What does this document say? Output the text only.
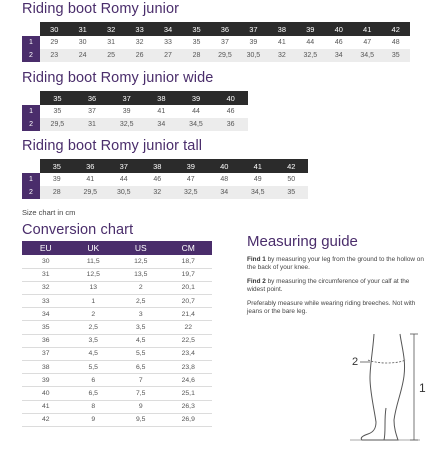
Riding boot Romy junior
	30	31	32	33	34	35	36	37	38	39	40	41	42
1	29	30	31	32	33	35	37	39	41	44	46	47	48
2	23	24	25	26	27	28	29,5	30,5	32	32,5	34	34,5	35
Riding boot Romy junior wide
	35	36	37	38	39	40
1	35	37	39	41	44	46
2	29,5	31	32,5	34	34,5	36
Riding boot Romy junior tall
	35	36	37	38	39	40	41	42
1	39	41	44	46	47	48	49	50
2	28	29,5	30,5	32	32,5	34	34,5	35
Size chart in cm
Conversion chart
EU	UK	US	CM
30	11,5	12,5	18,7
31	12,5	13,5	19,7
32	13	2	20,1
33	1	2,5	20,7
34	2	3	21,4
35	2,5	3,5	22
36	3,5	4,5	22,5
37	4,5	5,5	23,4
38	5,5	6,5	23,8
39	6	7	24,6
40	6,5	7,5	25,1
41	8	9	26,3
42	9	9,5	26,9
Measuring guide
Find 1 by measuring your leg from the ground to the hollow on the back of your knee.
Find 2 by measuring the circumference of your calf at the widest point.
Preferably measure while wearing riding breeches. Not with jeans or the bare leg.
2
1
